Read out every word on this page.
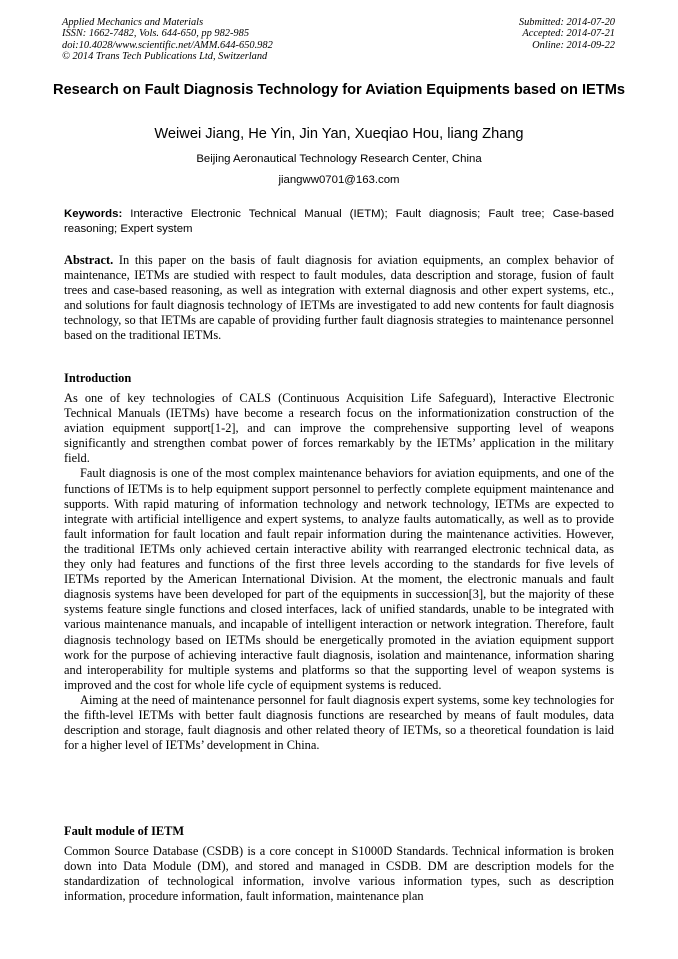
Applied Mechanics and Materials
ISSN: 1662-7482, Vols. 644-650, pp 982-985
doi:10.4028/www.scientific.net/AMM.644-650.982
© 2014 Trans Tech Publications Ltd, Switzerland
Submitted: 2014-07-20
Accepted: 2014-07-21
Online: 2014-09-22
Research on Fault Diagnosis Technology for Aviation Equipments based on IETMs
Weiwei Jiang, He Yin, Jin Yan, Xueqiao Hou, liang Zhang
Beijing Aeronautical Technology Research Center, China
jiangww0701@163.com
Keywords: Interactive Electronic Technical Manual (IETM); Fault diagnosis; Fault tree; Case-based reasoning; Expert system

Abstract. In this paper on the basis of fault diagnosis for aviation equipments, an complex behavior of maintenance, IETMs are studied with respect to fault modules, data description and storage, fusion of fault trees and case-based reasoning, as well as integration with external diagnosis and other expert systems, etc., and solutions for fault diagnosis technology of IETMs are investigated to add new contents for fault diagnosis technology, so that IETMs are capable of providing further fault diagnosis strategies to maintenance personnel based on the traditional IETMs.

Introduction

As one of key technologies of CALS (Continuous Acquisition Life Safeguard), Interactive Electronic Technical Manuals (IETMs) have become a research focus on the informationization construction of the aviation equipment support[1-2], and can improve the comprehensive supporting level of weapons significantly and strengthen combat power of forces remarkably by the IETMs’ application in the military field.

Fault diagnosis is one of the most complex maintenance behaviors for aviation equipments, and one of the functions of IETMs is to help equipment support personnel to perfectly complete equipment maintenance and supports. With rapid maturing of information technology and network technology, IETMs are expected to integrate with artificial intelligence and expert systems, to analyze faults automatically, as well as to provide fault information for fault location and fault repair information during the maintenance activities. However, the traditional IETMs only achieved certain interactive ability with rearranged electronic technical data, as they only had features and functions of the first three levels according to the standards for five levels of IETMs reported by the American International Division. At the moment, the electronic manuals and fault diagnosis systems have been developed for part of the equipments in succession[3], but the majority of these systems feature single functions and closed interfaces, lack of unified standards, unable to be integrated with various maintenance manuals, and incapable of intelligent interaction or network integration. Therefore, fault diagnosis technology based on IETMs should be energetically promoted in the aviation equipment support work for the purpose of achieving interactive fault diagnosis, isolation and maintenance, information sharing and interoperability for multiple systems and platforms so that the supporting level of weapon systems is improved and the cost for whole life cycle of equipment systems is reduced.

Aiming at the need of maintenance personnel for fault diagnosis expert systems, some key technologies for the fifth-level IETMs with better fault diagnosis functions are researched by means of fault modules, data description and storage, fault diagnosis and other related theory of IETMs, so a theoretical foundation is laid for a higher level of IETMs’ development in China.

Fault module of IETM

Common Source Database (CSDB) is a core concept in S1000D Standards. Technical information is broken down into Data Module (DM), and stored and managed in CSDB. DM are description models for the standardization of technological information, involve various information types, such as description information, procedure information, fault information, maintenance plan
